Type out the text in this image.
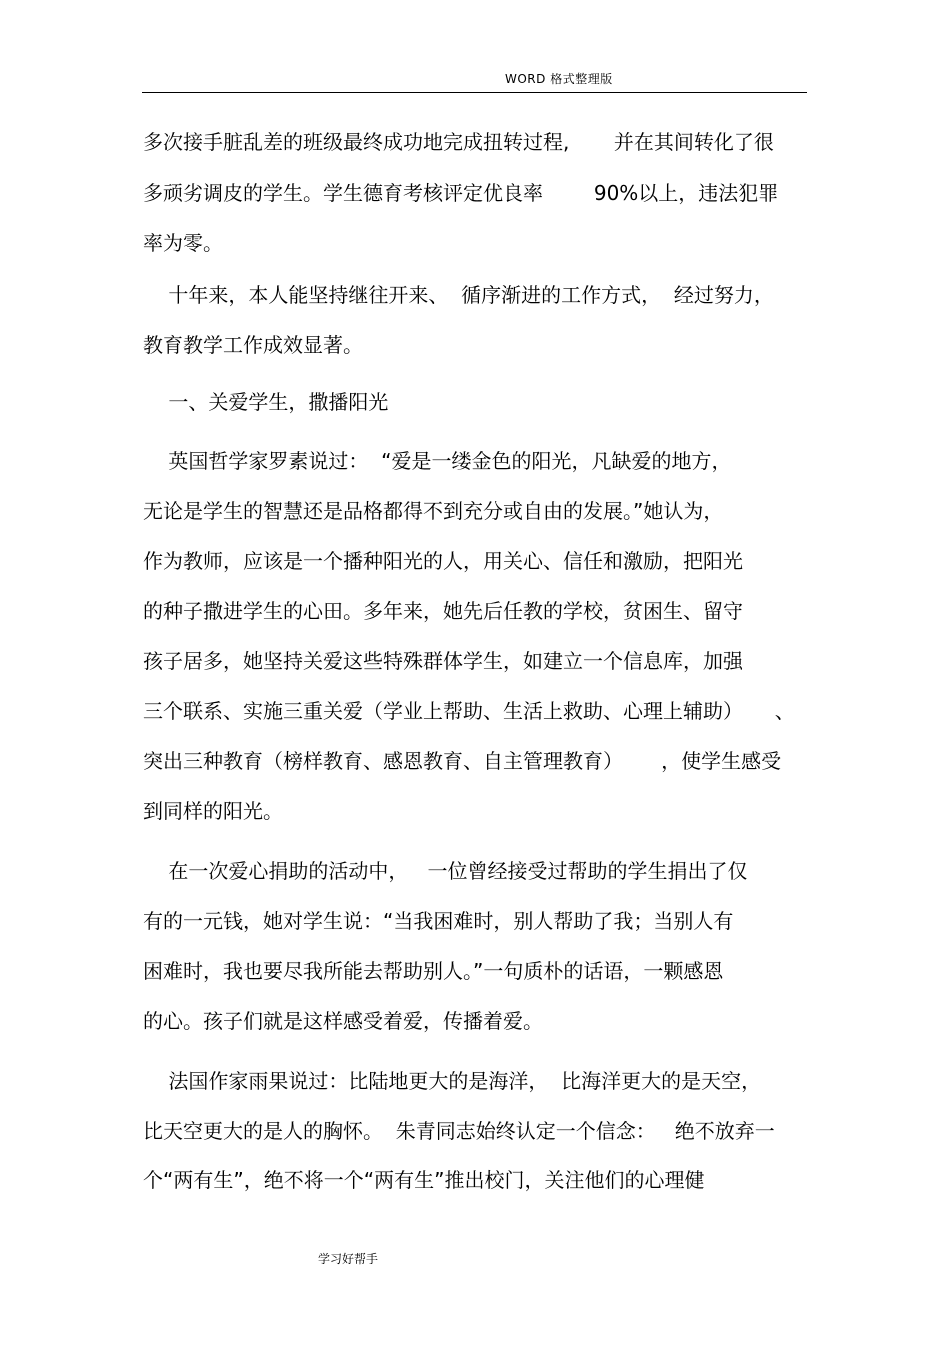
WORD 格式整理版
多次接手脏乱差的班级最终成功地完成扭转过程,       并在其间转化了很
多顽劣调皮的学生。学生德育考核评定优良率        90%以上，违法犯罪
率为零。
十年来，本人能坚持继往开来、  循序渐进的工作方式，  经过努力，
教育教学工作成效显著。
一、关爱学生，撒播阳光
英国哲学家罗素说过：  “爱是一缕金色的阳光，凡缺爱的地方，
无论是学生的智慧还是品格都得不到充分或自由的发展。”她认为，
作为教师，应该是一个播种阳光的人，用关心、信任和激励，把阳光
的种子撒进学生的心田。多年来，她先后任教的学校，贫困生、留守
孩子居多，她坚持关爱这些特殊群体学生，如建立一个信息库，加强
三个联系、实施三重关爱（学业上帮助、生活上救助、心理上辅助）     、
突出三种教育（榜样教育、感恩教育、自主管理教育）      ，使学生感受
到同样的阳光。
在一次爱心捐助的活动中，   一位曾经接受过帮助的学生捐出了仅
有的一元钱，她对学生说：“当我困难时，别人帮助了我；当别人有
困难时，我也要尽我所能去帮助别人。”一句质朴的话语，一颗感恩
的心。孩子们就是这样感受着爱，传播着爱。
法国作家雨果说过：比陆地更大的是海洋，  比海洋更大的是天空，
比天空更大的是人的胸怀。  朱青同志始终认定一个信念：   绝不放弃一
个“两有生”，绝不将一个“两有生”推出校门，关注他们的心理健
学习好帮手
